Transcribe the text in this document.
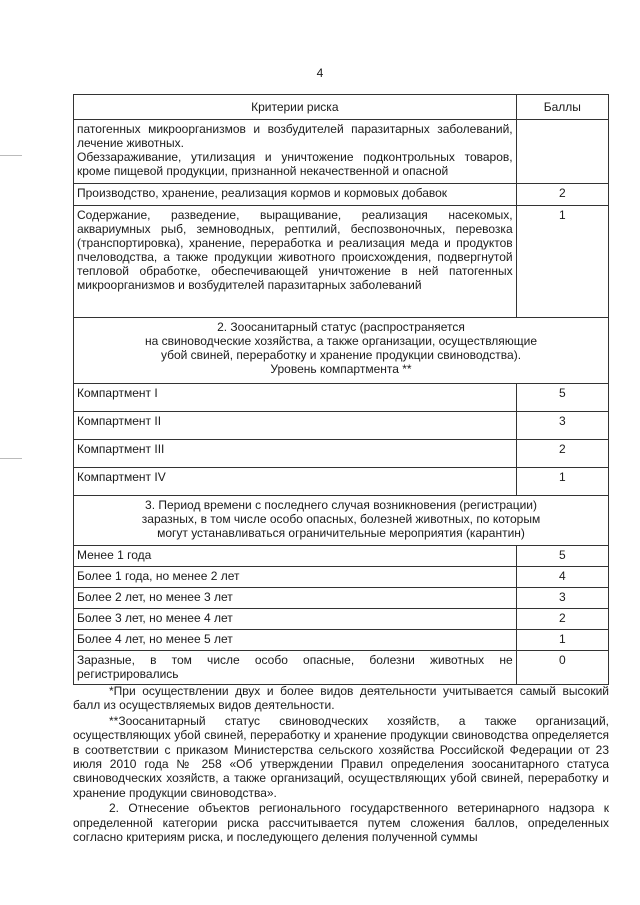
4
Критерии риска	Баллы

патогенных микроорганизмов и возбудителей паразитарных заболеваний, лечение животных.
Обеззараживание, утилизация и уничтожение подконтрольных товаров, кроме пищевой продукции, признанной некачественной и опасной	

Производство, хранение, реализация кормов и кормовых добавок	2

Содержание, разведение, выращивание, реализация насекомых, аквариумных рыб, земноводных, рептилий, беспозвоночных, перевозка (транспортировка), хранение, переработка и реализация меда и продуктов пчеловодства, а также продукции животного происхождения, подвергнутой тепловой обработке, обеспечивающей уничтожение в ней патогенных микроорганизмов и возбудителей паразитарных заболеваний	1

2. Зоосанитарный статус (распространяется
на свиноводческие хозяйства, а также организации, осуществляющие
убой свиней, переработку и хранение продукции свиноводства).
Уровень компартмента **	

Компартмент I	5
Компартмент II	3
Компартмент III	2
Компартмент IV	1

3. Период времени с последнего случая возникновения (регистрации)
заразных, в том числе особо опасных, болезней животных, по которым
могут устанавливаться ограничительные мероприятия (карантин)	

Менее 1 года	5
Более 1 года, но менее 2 лет	4
Более 2 лет, но менее 3 лет	3
Более 3 лет, но менее 4 лет	2
Более 4 лет, но менее 5 лет	1
Заразные, в том числе особо опасные, болезни животных не регистрировались	0

*При осуществлении двух и более видов деятельности учитывается самый высокий балл из осуществляемых видов деятельности.

**Зоосанитарный статус свиноводческих хозяйств, а также организаций, осуществляющих убой свиней, переработку и хранение продукции свиноводства определяется в соответствии с приказом Министерства сельского хозяйства Российской Федерации от 23 июля 2010 года № 258 «Об утверждении Правил определения зоосанитарного статуса свиноводческих хозяйств, а также организаций, осуществляющих убой свиней, переработку и хранение продукции свиноводства».

2. Отнесение объектов регионального государственного ветеринарного надзора к определенной категории риска рассчитывается путем сложения баллов, определенных согласно критериям риска, и последующего деления полученной суммы
